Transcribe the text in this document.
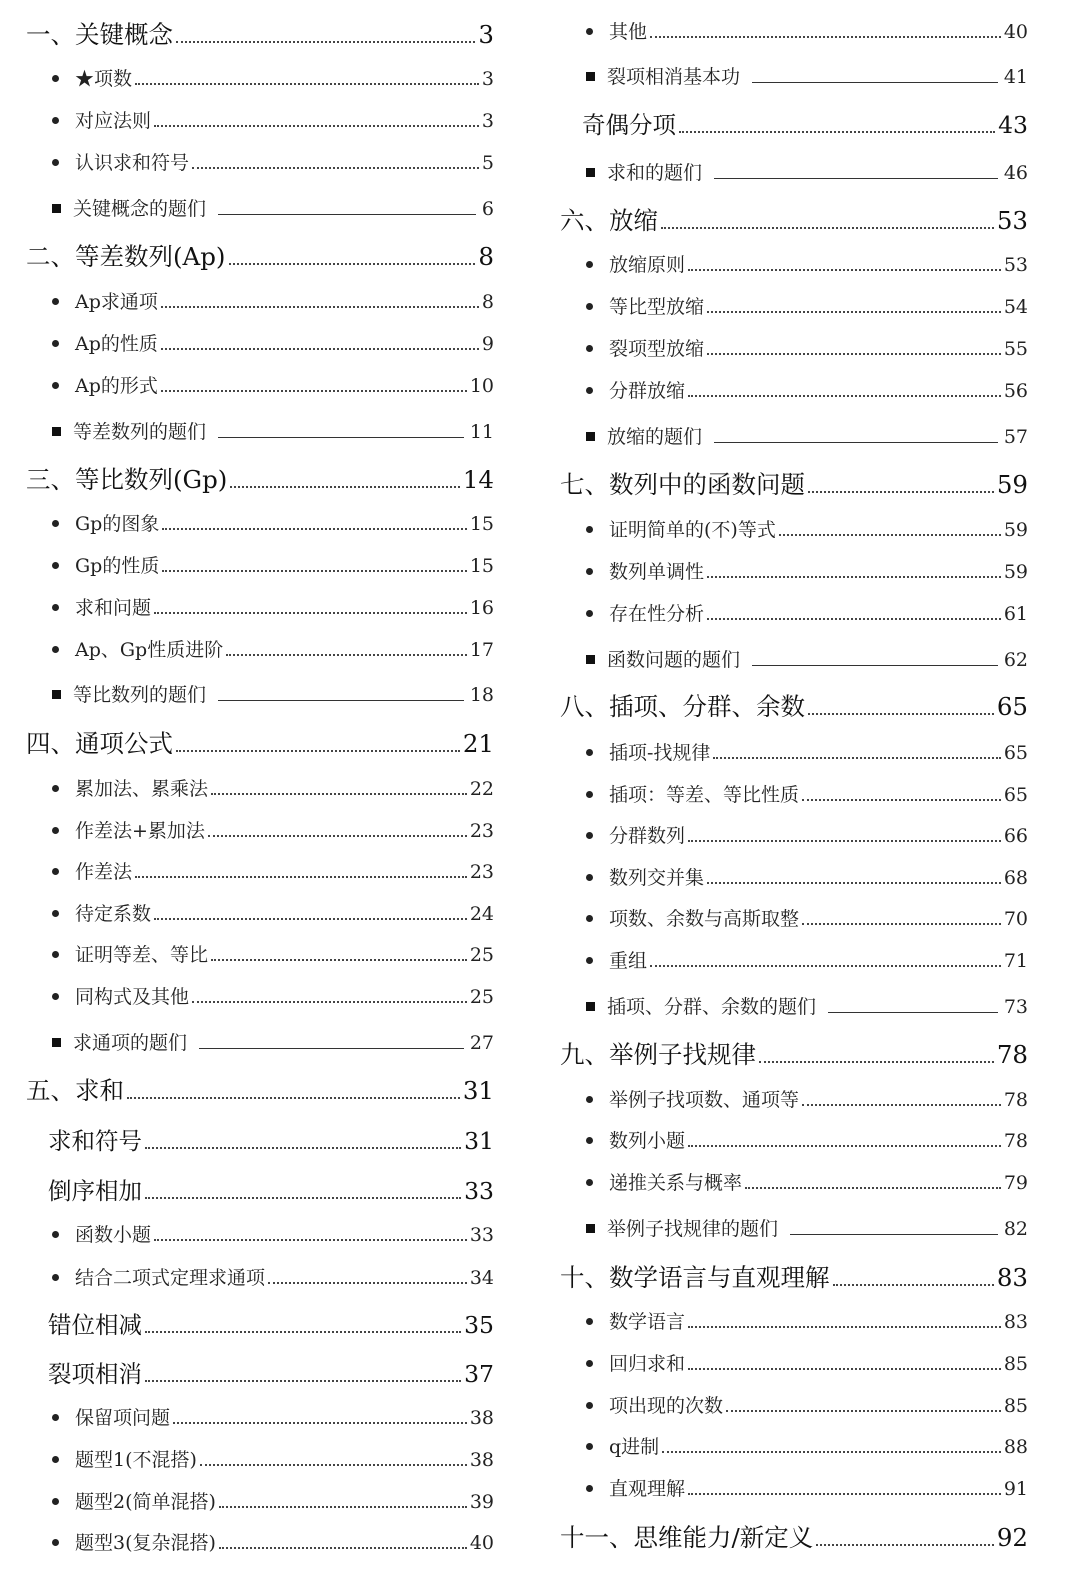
一、关键概念	3
★项数	3
对应法则	3
认识求和符号	5
关键概念的题们	6
二、等差数列(Ap)	8
Ap求通项	8
Ap的性质	9
Ap的形式	10
等差数列的题们	11
三、等比数列(Gp)	14
Gp的图象	15
Gp的性质	15
求和问题	16
Ap、Gp性质进阶	17
等比数列的题们	18
四、通项公式	21
累加法、累乘法	22
作差法+累加法	23
作差法	23
待定系数	24
证明等差、等比	25
同构式及其他	25
求通项的题们	27
五、求和	31
求和符号	31
倒序相加	33
函数小题	33
结合二项式定理求通项	34
错位相减	35
裂项相消	37
保留项问题	38
题型1(不混搭)	38
题型2(简单混搭)	39
题型3(复杂混搭)	40
其他	40
裂项相消基本功	41
奇偶分项	43
求和的题们	46
六、放缩	53
放缩原则	53
等比型放缩	54
裂项型放缩	55
分群放缩	56
放缩的题们	57
七、数列中的函数问题	59
证明简单的(不)等式	59
数列单调性	59
存在性分析	61
函数问题的题们	62
八、插项、分群、余数	65
插项-找规律	65
插项：等差、等比性质	65
分群数列	66
数列交并集	68
项数、余数与高斯取整	70
重组	71
插项、分群、余数的题们	73
九、举例子找规律	78
举例子找项数、通项等	78
数列小题	78
递推关系与概率	79
举例子找规律的题们	82
十、数学语言与直观理解	83
数学语言	83
回归求和	85
项出现的次数	85
q进制	88
直观理解	91
十一、思维能力/新定义	92
